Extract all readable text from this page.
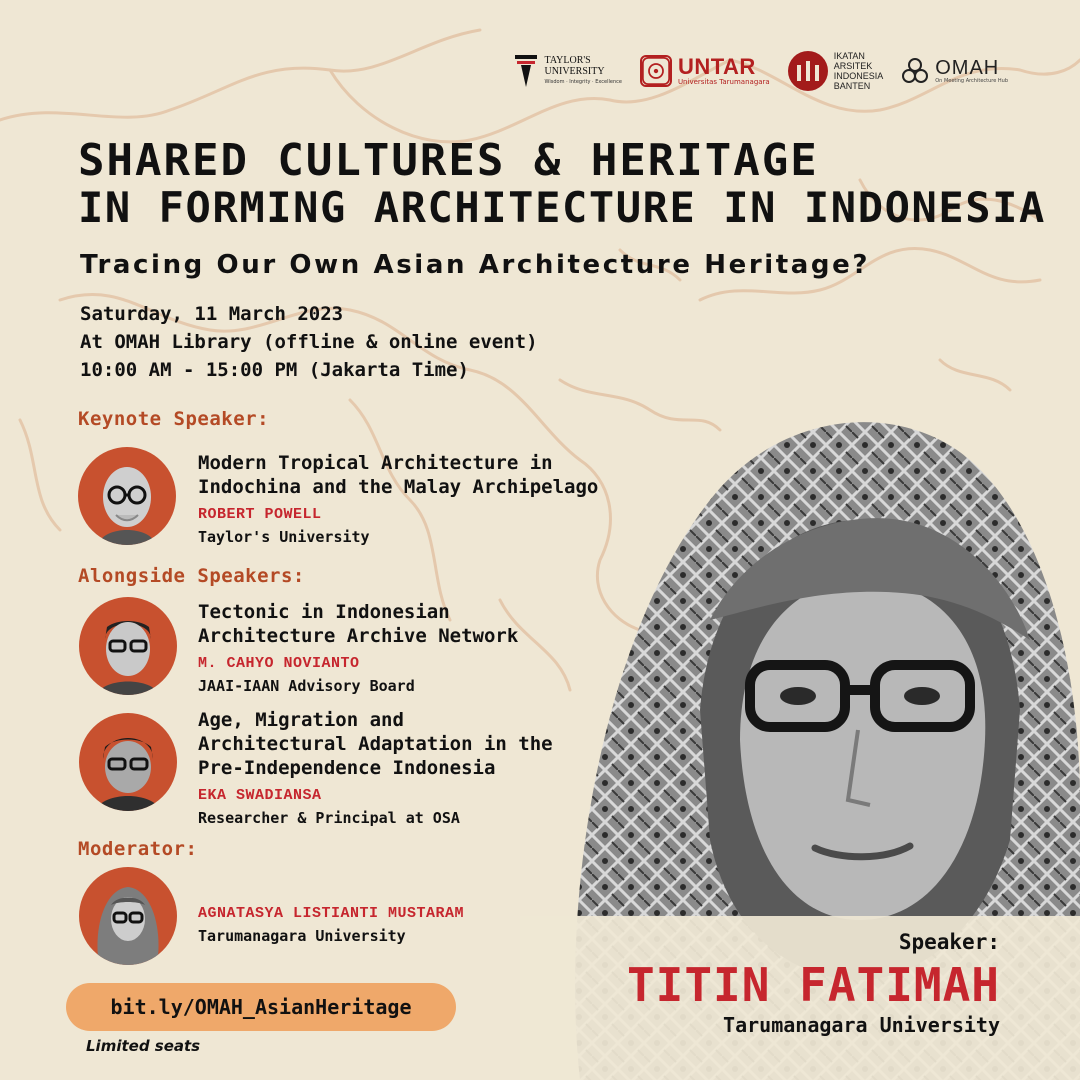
TAYLOR'S
UNIVERSITY
Wisdom · Integrity · Excellence
UNTAR
Universitas Tarumanagara
IKATAN
ARSITEK
INDONESIA
BANTEN
OMAH
On Meeting Architecture Hub
SHARED CULTURES & HERITAGE
IN FORMING ARCHITECTURE IN INDONESIA
Tracing Our Own Asian Architecture Heritage?
Saturday, 11 March 2023
At OMAH Library (offline & online event)
10:00 AM - 15:00 PM (Jakarta Time)
Keynote Speaker:
Modern Tropical Architecture in
Indochina and the Malay Archipelago
ROBERT POWELL
Taylor's University
Alongside Speakers:
Tectonic in Indonesian
Architecture Archive Network
M. CAHYO NOVIANTO
JAAI-IAAN Advisory Board
Age, Migration and
Architectural Adaptation in the
Pre-Independence Indonesia
EKA SWADIANSA
Researcher & Principal at OSA
Moderator:
AGNATASYA LISTIANTI MUSTARAM
Tarumanagara University
bit.ly/OMAH_AsianHeritage
Limited seats
Speaker:
TITIN FATIMAH
Tarumanagara University
